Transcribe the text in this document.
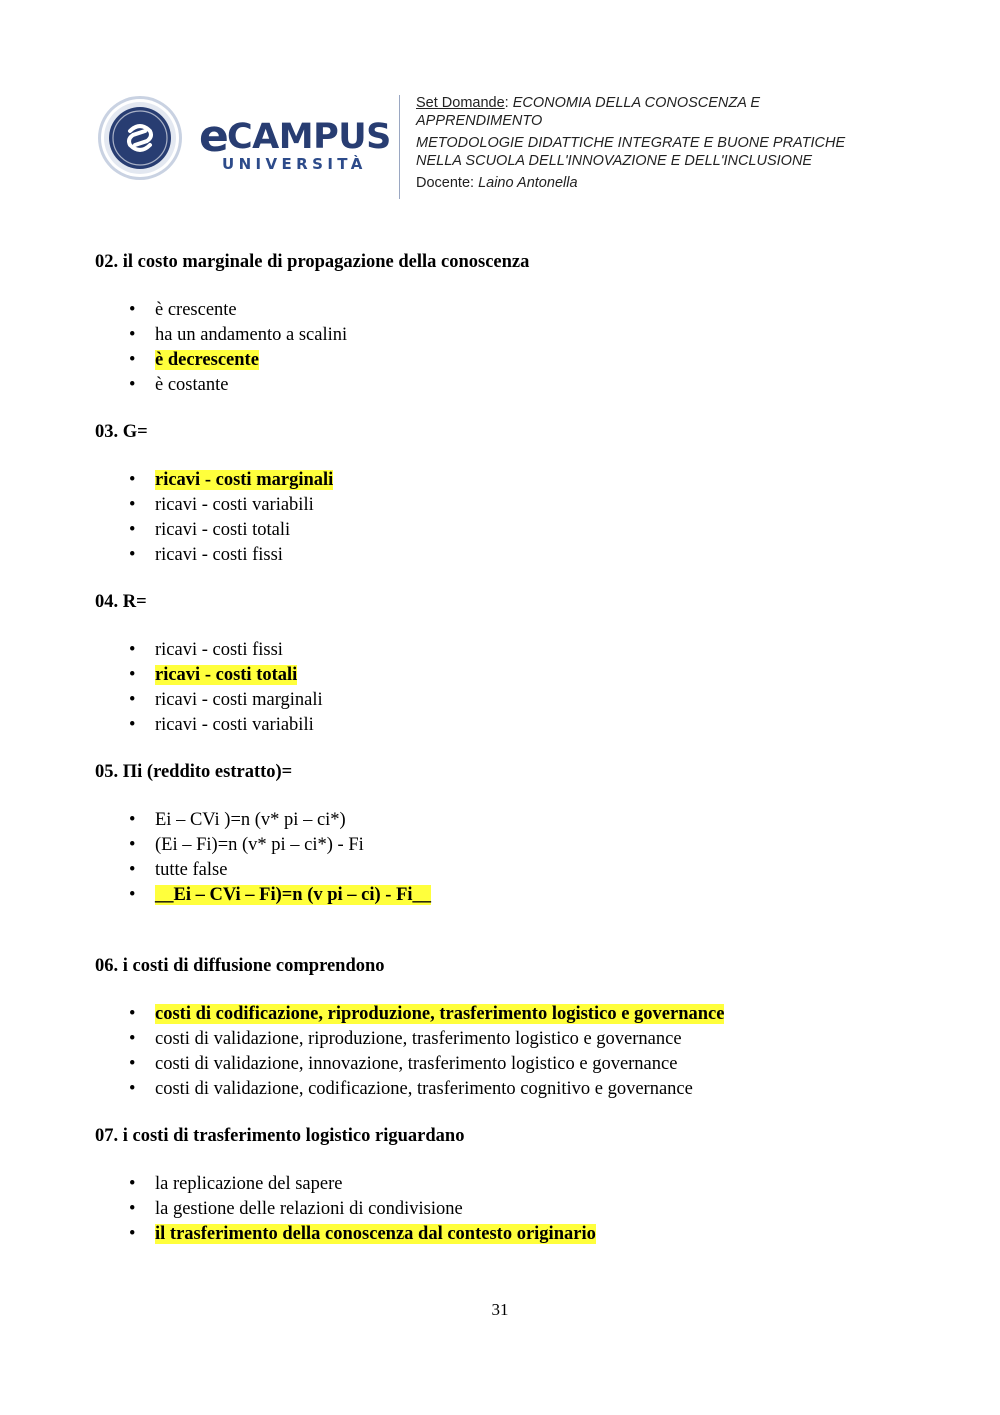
e
CAMPUS
UNIVERSITÀ
Set Domande: ECONOMIA DELLA CONOSCENZA E
APPRENDIMENTO
METODOLOGIE DIDATTICHE INTEGRATE E BUONE PRATICHE
NELLA SCUOLA DELL'INNOVAZIONE E DELL'INCLUSIONE
Docente: Laino Antonella

02. il costo marginale di propagazione della conoscenza

• è crescente
• ha un andamento a scalini
• è decrescente
• è costante

03. G=

• ricavi - costi marginali
• ricavi - costi variabili
• ricavi - costi totali
• ricavi - costi fissi

04. R=

• ricavi - costi fissi
• ricavi - costi totali
• ricavi - costi marginali
• ricavi - costi variabili

05. Πi (reddito estratto)=

• Ei – CVi )=n (v* pi – ci*)
• (Ei – Fi)=n (v* pi – ci*) - Fi
• tutte false
• __Ei – CVi – Fi)=n (v pi – ci) - Fi__

06. i costi di diffusione comprendono

• costi di codificazione, riproduzione, trasferimento logistico e governance
• costi di validazione, riproduzione, trasferimento logistico e governance
• costi di validazione, innovazione, trasferimento logistico e governance
• costi di validazione, codificazione, trasferimento cognitivo e governance

07. i costi di trasferimento logistico riguardano

• la replicazione del sapere
• la gestione delle relazioni di condivisione
• il trasferimento della conoscenza dal contesto originario
31
